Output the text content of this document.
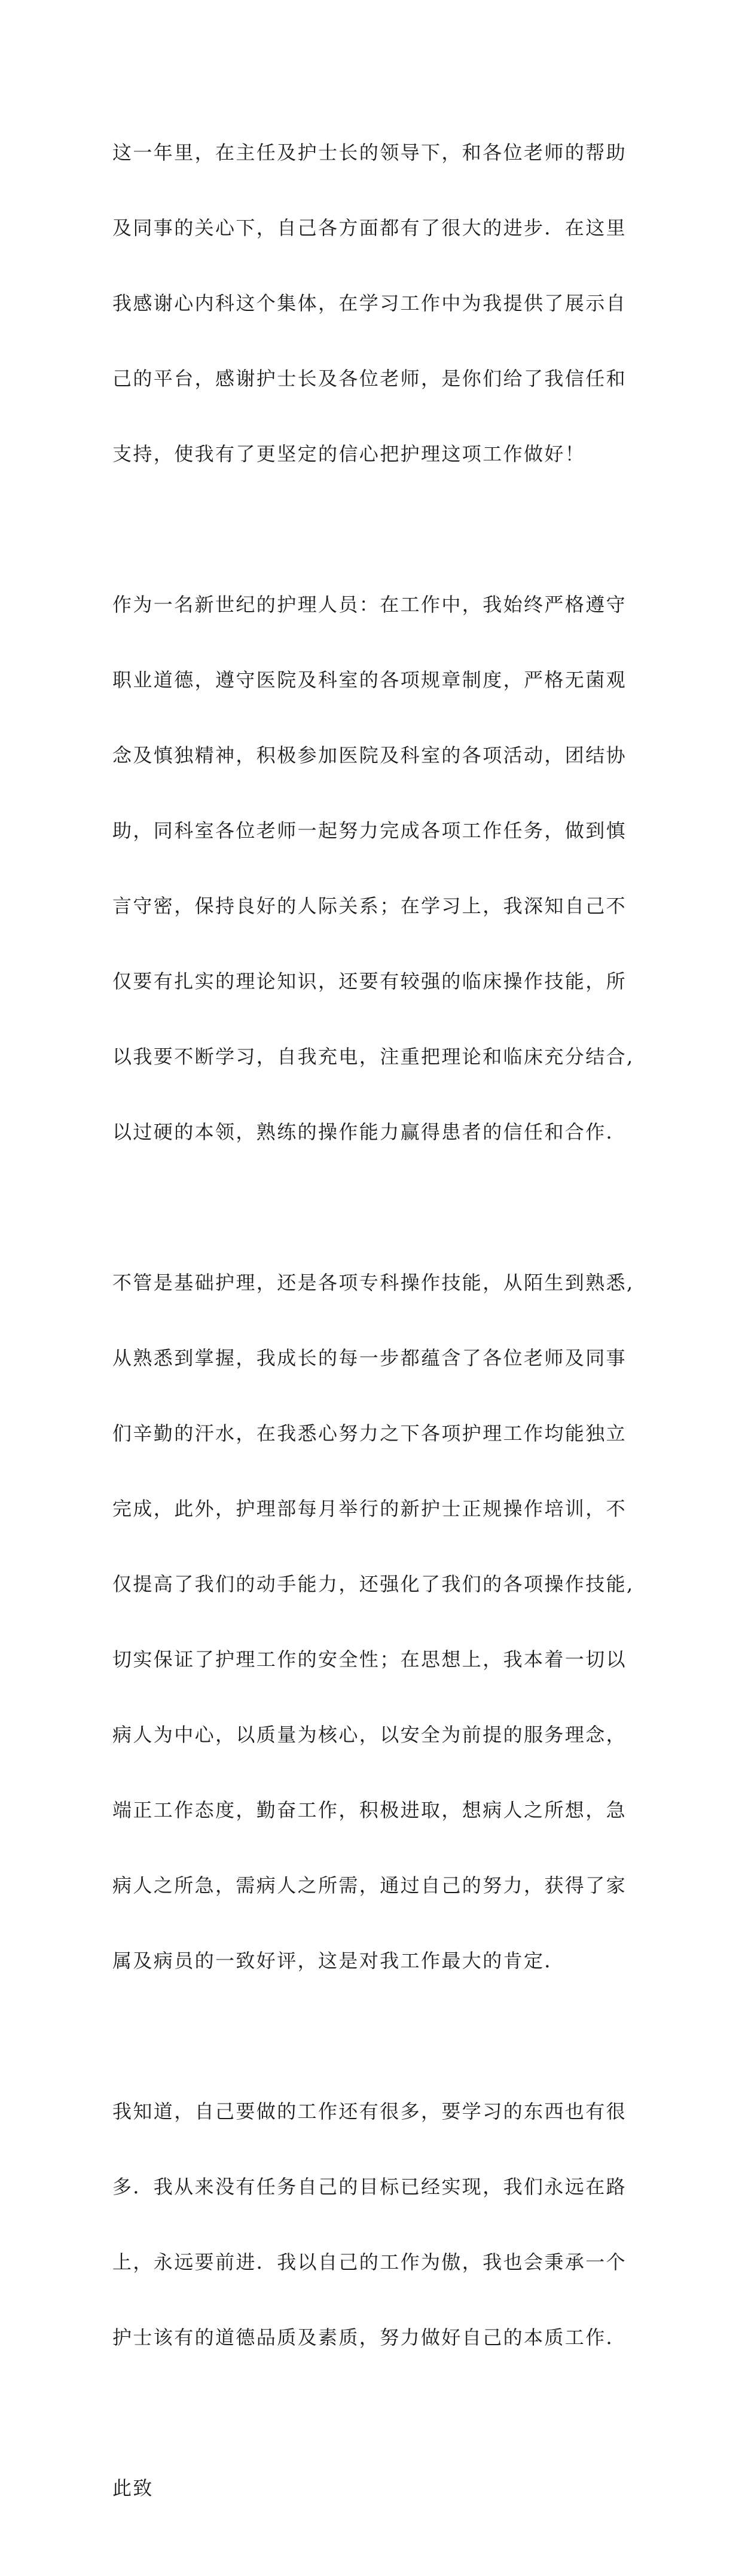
这一年里，在主任及护士长的领导下，和各位老师的帮助

及同事的关心下，自己各方面都有了很大的进步．在这里

我感谢心内科这个集体，在学习工作中为我提供了展示自

己的平台，感谢护士长及各位老师，是你们给了我信任和

支持，使我有了更坚定的信心把护理这项工作做好！

作为一名新世纪的护理人员：在工作中，我始终严格遵守

职业道德，遵守医院及科室的各项规章制度，严格无菌观

念及慎独精神，积极参加医院及科室的各项活动，团结协

助，同科室各位老师一起努力完成各项工作任务，做到慎

言守密，保持良好的人际关系；在学习上，我深知自己不

仅要有扎实的理论知识，还要有较强的临床操作技能，所

以我要不断学习，自我充电，注重把理论和临床充分结合,

以过硬的本领，熟练的操作能力赢得患者的信任和合作．

不管是基础护理，还是各项专科操作技能，从陌生到熟悉,

从熟悉到掌握，我成长的每一步都蕴含了各位老师及同事

们辛勤的汗水，在我悉心努力之下各项护理工作均能独立

完成，此外，护理部每月举行的新护士正规操作培训，不

仅提高了我们的动手能力，还强化了我们的各项操作技能,

切实保证了护理工作的安全性；在思想上，我本着一切以

病人为中心，以质量为核心，以安全为前提的服务理念，

端正工作态度，勤奋工作，积极进取，想病人之所想，急

病人之所急，需病人之所需，通过自己的努力，获得了家

属及病员的一致好评，这是对我工作最大的肯定．

我知道，自己要做的工作还有很多，要学习的东西也有很

多．我从来没有任务自己的目标已经实现，我们永远在路

上，永远要前进．我以自己的工作为傲，我也会秉承一个

护士该有的道德品质及素质，努力做好自己的本质工作．

此致
